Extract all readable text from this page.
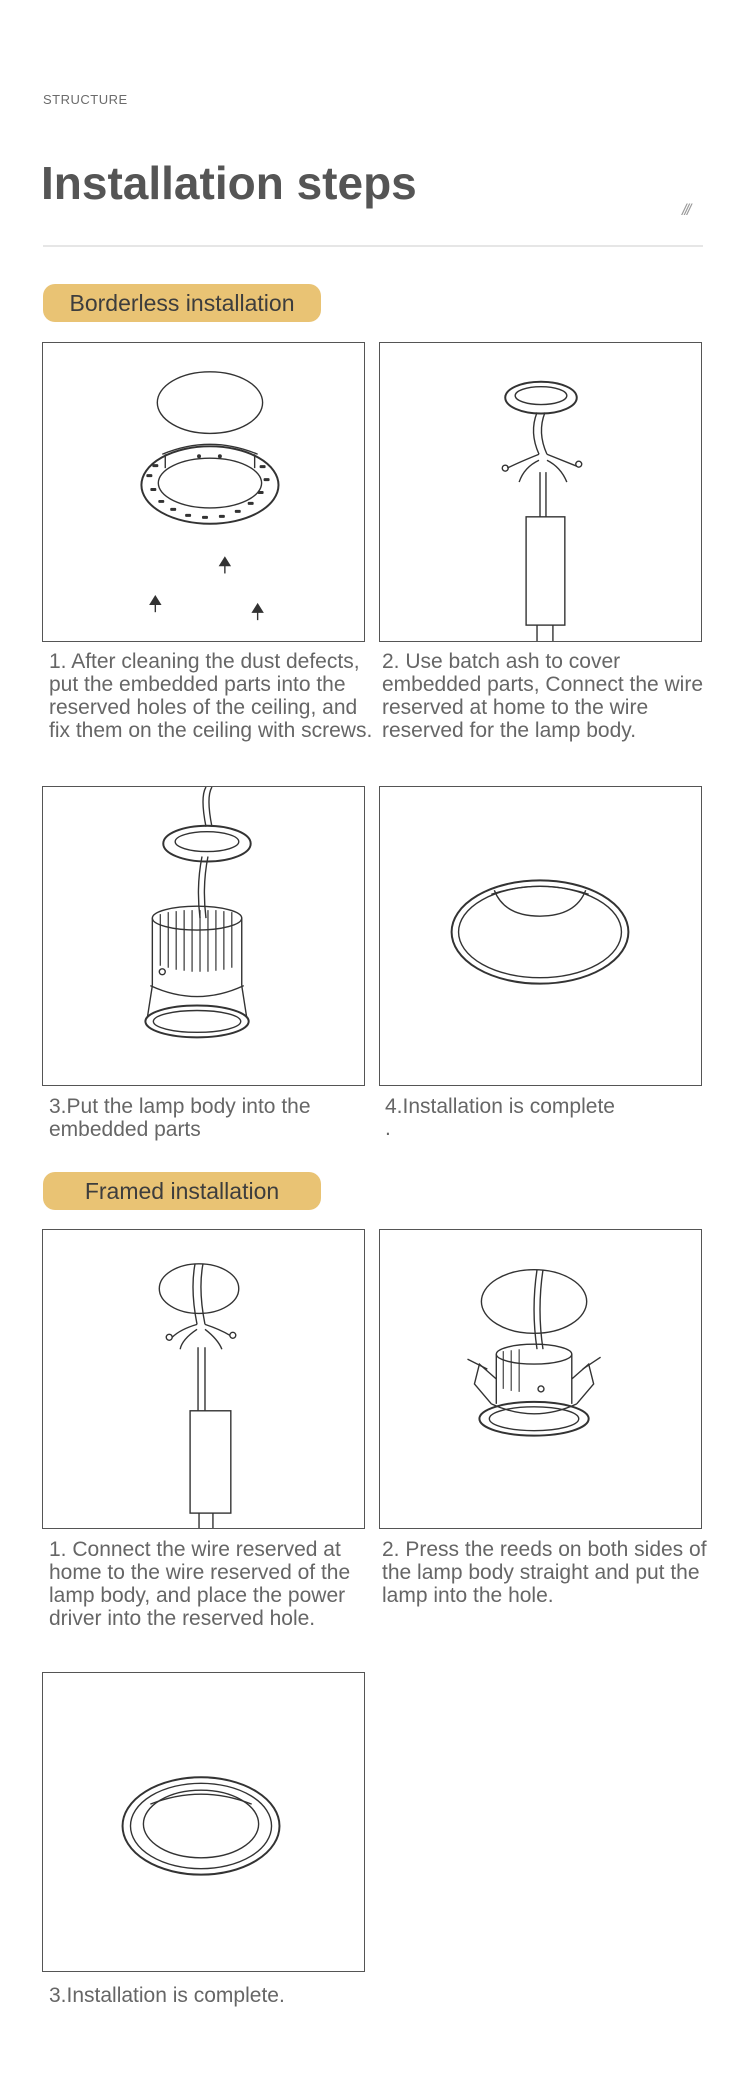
STRUCTURE
Installation steps
///
Borderless installation
1. After cleaning the dust defects, put the embedded parts into the reserved holes of the ceiling, and fix them on the ceiling with screws.
2. Use batch ash to cover embedded parts, Connect the wire reserved at home to the wire reserved for the lamp body.
3.Put the lamp body into the embedded parts
4.Installation is complete
.
Framed installation
1. Connect the wire reserved at home to the wire reserved of the lamp body, and place the power driver into the reserved hole.
2. Press the reeds on both sides of the lamp body straight and put the lamp into the hole.
3.Installation is complete.
